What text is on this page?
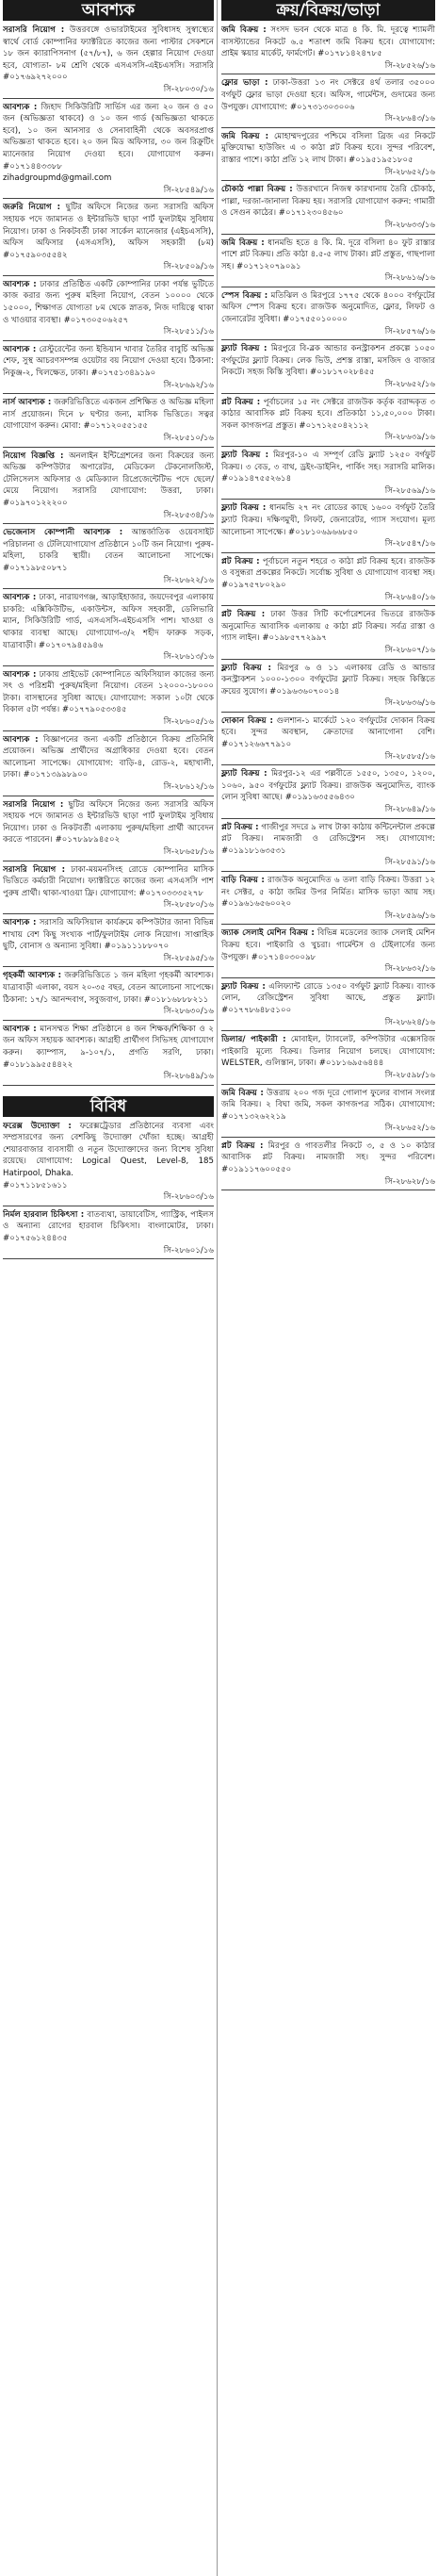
আবশ্যক
সরাসরি নিয়োগ : উত্তরবঙ্গে ওভারটাইমের সুবিধাসহ সুস্বাস্থ্যের স্বার্থে বোর্ড কোম্পানির ফ্যাক্টরিতে কাজের জন্য পাস্টার সেকশনে ১৮ জন ক্যারাপিসনাগ (৫৭/৮৭), ৬ জন হেল্পার নিয়োগ দেওয়া হবে, যোগ্যতা- ৮ম শ্রেণি থেকে এসএসসি-এইচএসসি। সরাসরি #০১৭৬৯২৭২০০০
সি-২৮০৩০/১৬
আবশ্যক : জিহাদ সিকিউরিটি সার্ভিস এর জন্য ২০ জন ও ৫০ জন (অভিজ্ঞতা থাকবে) ও ১০ জন গার্ড (অভিজ্ঞতা থাকতে হবে), ১০ জন আনসার ও সেনাবাহিনী থেকে অবসরপ্রাপ্ত অভিজ্ঞতা থাকতে হবে। ২০ জন মিড অফিসার, ৩০ জন রিক্রুটিং ম্যানেজার নিয়োগ দেওয়া হবে। যোগাযোগ করুন। #০১৭১৪৪৩৩৮৮
zihadgroupmd@gmail.com
সি-২৮৫৪৯/১৬
জরুরি নিয়োগ : ছুটির অফিসে নিজের জন্য সরাসরি অফিস সহায়ক পদে জামানত ও ইন্টারভিউ ছাড়া পার্ট ফুলটাইম সুবিধায় নিয়োগ। ঢাকা ও নিকটবর্তী ঢাকা সার্কেল ম্যানেজার (এইচএসসি), অফিস অফিসার (এসএসসি), অফিস সহকারী (৮ম) #০১৭৫৯০৩৫৫৪২
সি-২৮৫০৯/১৬
আবশ্যক : ঢাকার প্রতিষ্ঠিত একটি কোম্পানির ঢাকা পর্যন্ত ভুটিতে কাজ করার জন্য পুরুষ মহিলা নিয়োগ, বেতন ১০০০০ থেকে ১৫০০০, শিক্ষাগত যোগ্যতা ৮ম থেকে স্নাতক, নিজ দায়িত্বে থাকা ও খাওয়ার ব্যবস্থা। #০১৭৩০৫০৬২৫৭
সি-২৮৫১১/১৬
আবশ্যক : রেস্টুরেন্টের জন্য ইন্ডিয়ান খাবার তৈরির বাবুর্চি অভিজ্ঞ শেফ, সুস্থ আচরণসম্পন্ন ওয়েটার বয় নিয়োগ দেওয়া হবে। ঠিকানা: নিকুঞ্জ-২, খিলক্ষেত, ঢাকা। #০১৭৫১৩৪৯১৯০
সি-২৮৬৯২/১৬
নার্স আবশ্যক : জরুরিভিত্তিতে একজন প্রশিক্ষিত ও অভিজ্ঞ মহিলা নার্স প্রয়োজন। দিনে ৮ ঘণ্টার জন্য, মাসিক ভিত্তিতে। সত্বর যোগাযোগ করুন। মোবা: #০১৭১২০৫৫১৫৫
সি-২৮৫১০/১৬
নিয়োগ বিজ্ঞপ্তি : অনলাইন ইন্টিগ্রেশনের জন্য বিক্রয়ের জন্য অভিজ্ঞ কম্পিউটার অপারেটর, মেডিকেল টেকনোলজিস্ট, টেলিসেলস অফিসার ও মেডিক্যাল রিপ্রেজেন্টেটিভ পদে ছেলে/মেয়ে নিয়োগ। সরাসরি যোগাযোগ: উত্তরা, ঢাকা। #০১৯৭০১২২২০০
সি-২৮৫৩৪/১৬
ভেজেনাস কোম্পানী আবশ্যক : আন্তর্জাতিক ওয়েবসাইট পরিচালনা ও টেলিযোগাযোগ প্রতিষ্ঠানে ১০টি জন নিয়োগ। পুরুষ-মহিলা, চাকরি স্থায়ী। বেতন আলোচনা সাপেক্ষে। #০১৭১৯৮৫০৮৭১
সি-২৮৬২২/১৬
আবশ্যক : ঢাকা, নারায়ণগঞ্জ, আড়াইহাজার, জয়দেবপুর এলাকায় চাকরি: এক্সিকিউটিভ, একাউন্টস, অফিস সহকারী, ডেলিভারি ম্যান, সিকিউরিটি গার্ড, এসএসসি-এইচএসসি পাশ। খাওয়া ও থাকার ব্যবস্থা আছে। যোগাযোগ-৩/২ শহীদ ফারুক সড়ক, যাত্রাবাড়ী। #০১৭০৭৯৪৫৯৪৬
সি-২৮৬১৩/১৬
আবশ্যক : ঢাকায় প্রাইভেট কোম্পানিতে অফিসিয়াল কাজের জন্য সৎ ও পরিশ্রমী পুরুষ/মহিলা নিয়োগ। বেতন ১২০০০-১৮০০০ টাকা। বাসস্থানের সুবিধা আছে। যোগাযোগ: সকাল ১০টা থেকে বিকাল ৫টা পর্যন্ত। #০১৭৭৯০৫৩৩৪৫
সি-২৮৬০৫/১৬
আবশ্যক : বিজ্ঞাপনের জন্য একটি প্রতিষ্ঠানে বিক্রয় প্রতিনিধি প্রয়োজন। অভিজ্ঞ প্রার্থীদের অগ্রাধিকার দেওয়া হবে। বেতন আলোচনা সাপেক্ষে। যোগাযোগ: বাড়ি-৪, রোড-২, মহাখালী, ঢাকা। #০১৭১৩৯৯৮৯০০
সি-২৮৬১২/১৬
সরাসরি নিয়োগ : ছুটির অফিসে নিজের জন্য সরাসরি অফিস সহায়ক পদে জামানত ও ইন্টারভিউ ছাড়া পার্ট ফুলটাইম সুবিধায় নিয়োগ। ঢাকা ও নিকটবর্তী এলাকায় পুরুষ/মহিলা প্রার্থী আবেদন করতে পারবেন। #০১৭৮৯৮৯৪৫০২
সি-২৮৬৫৮/১৬
সরাসরি নিয়োগ : ঢাকা-ময়মনসিংহ রোডে কোম্পানির মাসিক ভিত্তিতে কর্মচারী নিয়োগ। ফ্যাক্টরিতে কাজের জন্য এসএসসি পাশ পুরুষ প্রার্থী। থাকা-খাওয়া ফ্রি। যোগাযোগ: #০১৭০৩৩৩৫২৭৮
সি-২৮৫৮০/১৬
আবশ্যক : সরাসরি অফিসিয়াল কার্যক্রমে কম্পিউটার জানা বিভিন্ন শাখায় বেশ কিছু সংখ্যক পার্ট/ফুলটাইম লোক নিয়োগ। সাপ্তাহিক ছুটি, বোনাস ও অন্যান্য সুবিধা। #০১৯১১১৮৮০৭০
সি-২৮৫৯৫/১৬
গৃহকর্মী আবশ্যক : জরুরিভিত্তিতে ১ জন মহিলা গৃহকর্মী আবশ্যক। যাত্রাবাড়ী এলাকা, বয়স ২০-৩৫ বছর, বেতন আলোচনা সাপেক্ষে। ঠিকানা: ১৭/১ আনন্দবাগ, সবুজবাগ, ঢাকা। #০১৮১৬৮৮৮২১১
সি-২৮৬৩০/১৬
আবশ্যক : মানসম্মত শিক্ষা প্রতিষ্ঠানে ৪ জন শিক্ষক/শিক্ষিকা ও ২ জন অফিস সহায়ক আবশ্যক। আগ্রহী প্রার্থীগণ সিভিসহ যোগাযোগ করুন। ক্যাম্পাস, ৯-১০৭/১, প্রগতি সরণি, ঢাকা। #০১৮১৯৯৫৫৪৪২২
সি-২৮৬৪৯/১৬
বিবিধ
ফরেক্স উদ্যোক্তা : ফরেক্সট্রেডার প্রতিষ্ঠানের ব্যবসা এবং সম্প্রসারণের জন্য বেশকিছু উদ্যোক্তা খোঁজা হচ্ছে। আগ্রহী শেয়ারবাজার ব্যবসায়ী ও নতুন উদ্যোক্তাদের জন্য বিশেষ সুবিধা রয়েছে। যোগাযোগ: Logical Quest, Level-8, 185 Hatirpool, Dhaka.
#০১৭১১৮৫১৬১১
সি-২৮৬০৩/১৬
নির্মল হারবাল চিকিৎসা : বাতব্যথা, ডায়াবেটিস, গ্যাস্ট্রিক, পাইলস ও অন্যান্য রোগের হারবাল চিকিৎসা। বাংলামোটর, ঢাকা। #০১৭৫৬১২৪৪৩৫
সি-২৮৬০১/১৬
ক্রয়/বিক্রয়/ভাড়া
জমি বিক্রয় : সংসদ ভবন থেকে মাত্র ৪ কি. মি. দূরত্বে শ্যামলী বাসস্ট্যান্ডের নিকটে ৬.৫ শতাংশ জমি বিক্রয় হবে। যোগাযোগ: প্রাইম স্কয়ার মার্কেট, ফার্মগেট। #০১৭৮১৪২৪৭৮৫
সি-২৮৫২৬/১৬
ফ্লোর ভাড়া : ঢাকা-উত্তরা ১৩ নং সেক্টরে ৪র্থ তলার ৩৫০০০ বর্গফুট ফ্লোর ভাড়া দেওয়া হবে। অফিস, গার্মেন্টস, গুদামের জন্য উপযুক্ত। যোগাযোগ: #০১৭৩১৩০৩০০৬
সি-২৮৬৪৩/১৬
জমি বিক্রয় : মোহাম্মদপুরের পশ্চিমে বসিলা ব্রিজ এর নিকটে মুক্তিযোদ্ধা হাউজিং এ ৩ কাঠা প্লট বিক্রয় হবে। সুন্দর পরিবেশ, রাস্তার পাশে। কাঠা প্রতি ১২ লাখ টাকা। #০১৯৫১৯৫১৮০৫
সি-২৮৬৫২/১৬
চৌকাঠ পাল্লা বিক্রয় : উত্তরখানে নিজস্ব কারখানায় তৈরি চৌকাঠ, পাল্লা, দরজা-জানালা বিক্রয় হয়। সরাসরি যোগাযোগ করুন: গামারী ও সেগুন কাঠের। #০১৭১২৩০৪৫৬০
সি-২৮৬৩৩/১৬
জমি বিক্রয় : ধানমন্ডি হতে ৪ কি. মি. দূরে বসিলা ৪০ ফুট রাস্তার পাশে প্লট বিক্রয়। প্রতি কাঠা ৪.৫-৫ লাখ টাকা। প্লট প্রস্তুত, গাছপালা সহ। #০১৭১২০৭৯০৯১
সি-২৮৬১৬/১৬
স্পেস বিক্রয় : মতিঝিল ও মিরপুরে ১৭৭৫ থেকে ৪০০০ বর্গফুটের অফিস স্পেস বিক্রয় হবে। রাজউক অনুমোদিত, ফ্লোর, লিফট ও জেনারেটর সুবিধা। #০১৭৫৫০১০০০০
সি-২৮৫৭৬/১৬
ফ্ল্যাট বিক্রয় : মিরপুরে বি-ব্লক আন্ডার কনস্ট্রাকশন প্রকল্পে ১০৫০ বর্গফুটের ফ্ল্যাট বিক্রয়। লেক ভিউ, প্রশস্ত রাস্তা, মসজিদ ও বাজার নিকটে। সহজ কিস্তি সুবিধা। #০১৮১৭০২৮৪৫৫
সি-২৮৬৫২/১৬
প্লট বিক্রয় : পূর্বাচলের ১৫ নং সেক্টরে রাজউক কর্তৃক বরাদ্দকৃত ৩ কাঠার আবাসিক প্লট বিক্রয় হবে। প্রতিকাঠা ১১,৫০,০০০ টাকা। সকল কাগজপত্র প্রস্তুত। #০১৭১২৫০৪২১১২
সি-২৮৬৩৯/১৬
ফ্ল্যাট বিক্রয় : মিরপুর-১০ এ সম্পূর্ণ রেডি ফ্ল্যাট ১২৫০ বর্গফুট বিক্রয়। ৩ বেড, ৩ বাথ, ড্রইং-ডাইনিং, পার্কিং সহ। সরাসরি মালিক। #০১৯১৪৭৫৫২৬১৪
সি-২৮৫৬৯/১৬
ফ্ল্যাট বিক্রয় : ধানমন্ডি ২৭ নং রোডের কাছে ১৬০০ বর্গফুট তৈরি ফ্ল্যাট বিক্রয়। দক্ষিণমুখী, লিফট, জেনারেটর, গ্যাস সংযোগ। মূল্য আলোচনা সাপেক্ষে। #০১৮১০৬৯৬৬৮৫০
সি-২৮৫৪৭/১৬
প্লট বিক্রয় : পূর্বাচলে নতুন শহরে ৩ কাঠা প্লট বিক্রয় হবে। রাজউক ও বসুন্ধরা প্রকল্পের নিকটে। সর্বোচ্চ সুবিধা ও যোগাযোগ ব্যবস্থা সহ। #০১৯৭৫৭৮০২৯০
সি-২৮৬৪০/১৬
প্লট বিক্রয় : ঢাকা উত্তর সিটি কর্পোরেশনের ভিতরে রাজউক অনুমোদিত আবাসিক এলাকায় ৫ কাঠা প্লট বিক্রয়। সর্বত্র রাস্তা ও গ্যাস লাইন। #০১৯৮৫৭৭২৯৯৭
সি-২৮৬০৭/১৬
ফ্ল্যাট বিক্রয় : মিরপুর ৬ ও ১১ এলাকায় রেডি ও আন্ডার কনস্ট্রাকশন ১০০০-১৩০০ বর্গফুটের ফ্ল্যাট বিক্রয়। সহজ কিস্তিতে ক্রয়ের সুযোগ। #০১৯৬৩৬০৭০০১৪
সি-২৮৬৩৬/১৬
দোকান বিক্রয় : গুলশান-১ মার্কেটে ১২০ বর্গফুটের দোকান বিক্রয় হবে। সুন্দর অবস্থান, ক্রেতাদের আনাগোনা বেশি। #০১৭১২৬৬৭৭৯১০
সি-২৮৫৮৫/১৬
ফ্ল্যাট বিক্রয় : মিরপুর-১২ এর পল্লবীতে ১৫৫০, ১৩৫০, ১২০০, ১০৬০, ৯৫০ বর্গফুটের ফ্ল্যাট বিক্রয়। রাজউক অনুমোদিত, ব্যাংক লোন সুবিধা আছে। #০১৯১৬৩৫৫৬৪৩০
সি-২৮৬৪৯/১৬
প্লট বিক্রয় : গাজীপুর সদরে ৯ লাখ টাকা কাঠায় কন্টিনেন্টাল প্রকল্পে প্লট বিক্রয়। নামজারী ও রেজিস্ট্রেশন সহ। যোগাযোগ: #০১৯১৮১৬৩৫৩১
সি-২৮৫৯১/১৬
বাড়ি বিক্রয় : রাজউক অনুমোদিত ৬ তলা বাড়ি বিক্রয়। উত্তরা ১২ নং সেক্টর, ৫ কাঠা জমির উপর নির্মিত। মাসিক ভাড়া আয় সহ। #০১৯৬১৬৫৬০০২০
সি-২৮৫৯৬/১৬
জ্যাক সেলাই মেশিন বিক্রয় : বিভিন্ন মডেলের জ্যাক সেলাই মেশিন বিক্রয় হবে। পাইকারি ও খুচরা। গার্মেন্টস ও টেইলার্সের জন্য উপযুক্ত। #০১৭১৪০৩০০৯৮
সি-২৮৬৩২/১৬
ফ্ল্যাট বিক্রয় : এলিফ্যান্ট রোডে ১৩৫০ বর্গফুট ফ্ল্যাট বিক্রয়। ব্যাংক লোন, রেজিস্ট্রেশন সুবিধা আছে, প্রস্তুত ফ্ল্যাট। #০১৭৭৮৬৪৮৫১০০
সি-২৮৬২৪/১৬
ডিলার/ পাইকারী : মোবাইল, ট্যাবলেট, কম্পিউটার এক্সেসরিজ পাইকারি মূল্যে বিক্রয়। ডিলার নিয়োগ চলছে। যোগাযোগ: WELSTER, গুলিস্তান, ঢাকা। #০১৮১৬৯৫৬৪৪৪
সি-২৮৫৯৮/১৬
জমি বিক্রয় : উত্তরায় ২০০ গজ দূরে গোলাপ ফুলের বাগান সংলগ্ন জমি বিক্রয়। ২ বিঘা জমি, সকল কাগজপত্র সঠিক। যোগাযোগ: #০১৭১৩২৬২২১৯
সি-২৮৬৫২/১৬
প্লট বিক্রয় : মিরপুর ও গাবতলীর নিকটে ৩, ৫ ও ১০ কাঠার আবাসিক প্লট বিক্রয়। নামজারী সহ। সুন্দর পরিবেশ। #০১৯১১৭৬০০৫৫০
সি-২৮৬২৮/১৬
